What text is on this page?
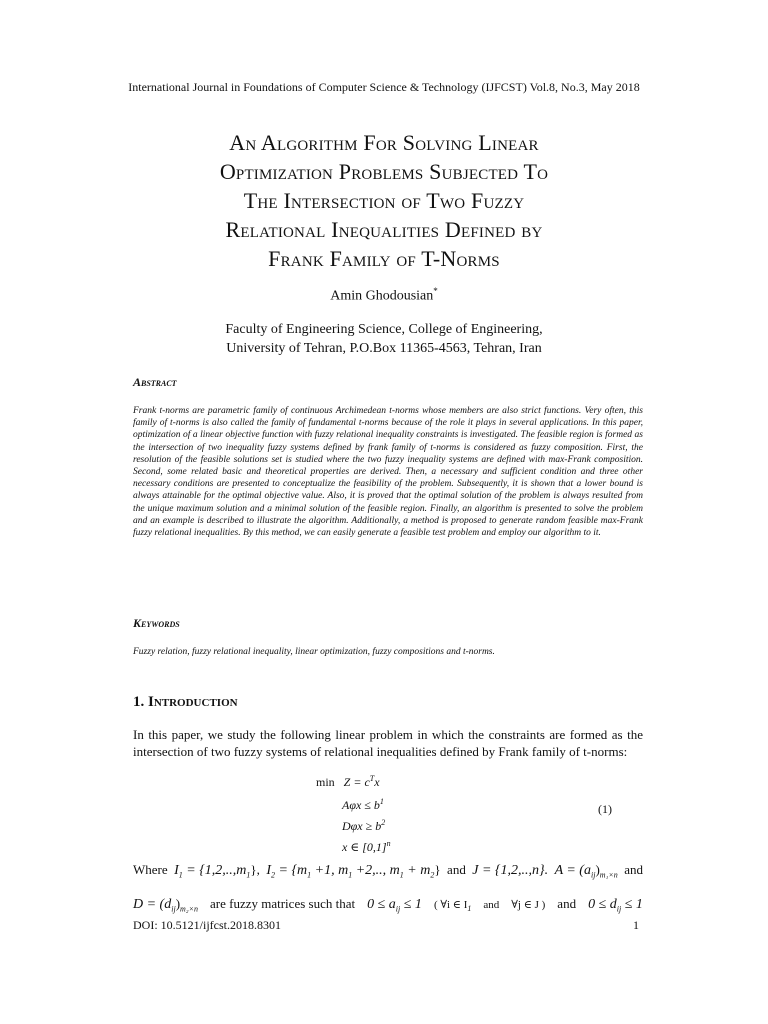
International Journal in Foundations of Computer Science & Technology (IJFCST) Vol.8, No.3, May 2018
An Algorithm For Solving Linear
Optimization Problems Subjected To
The Intersection of Two Fuzzy
Relational Inequalities Defined by
Frank Family of T-Norms
Amin Ghodousian*
Faculty of Engineering Science, College of Engineering,
University of Tehran, P.O.Box 11365-4563, Tehran, Iran
Abstract

Frank t-norms are parametric family of continuous Archimedean t-norms whose members are also strict functions. Very often, this family of t-norms is also called the family of fundamental t-norms because of the role it plays in several applications. In this paper, optimization of a linear objective function with fuzzy relational inequality constraints is investigated. The feasible region is formed as the intersection of two inequality fuzzy systems defined by frank family of t-norms is considered as fuzzy composition. First, the resolution of the feasible solutions set is studied where the two fuzzy inequality systems are defined with max-Frank composition. Second, some related basic and theoretical properties are derived. Then, a necessary and sufficient condition and three other necessary conditions are presented to conceptualize the feasibility of the problem. Subsequently, it is shown that a lower bound is always attainable for the optimal objective value. Also, it is proved that the optimal solution of the problem is always resulted from the unique maximum solution and a minimal solution of the feasible region. Finally, an algorithm is presented to solve the problem and an example is described to illustrate the algorithm. Additionally, a method is proposed to generate random feasible max-Frank fuzzy relational inequalities. By this method, we can easily generate a feasible test problem and employ our algorithm to it.

Keywords

Fuzzy relation, fuzzy relational inequality, linear optimization, fuzzy compositions and t-norms.

1. Introduction

In this paper, we study the following linear problem in which the constraints are formed as the intersection of two fuzzy systems of relational inequalities defined by Frank family of t-norms:

$\min Z = c^Tx$
$A\varphi x \le b^1$
$D\varphi x \ge b^2$
x ∈ $[0,1]^n$
(1)
Where $I_1 = \{1,2,..,m_1\}$, $I_2 = \{m_1 +1$, $m_1 +2$,.., $m_1 + m_2$} and J = {1,2,..,n}. $A = (a_{ij})_{m_1\times n}$ and
$D = (d_{ij})_{m_2\times n}$ are fuzzy matrices such that $0 \le a_{ij} \le 1$ ( ∀i ∈ $I_1$ and ∀j ∈ J ) and $0 \le d_{ij} \le 1$
DOI: 10.5121/ijfcst.2018.8301	1
